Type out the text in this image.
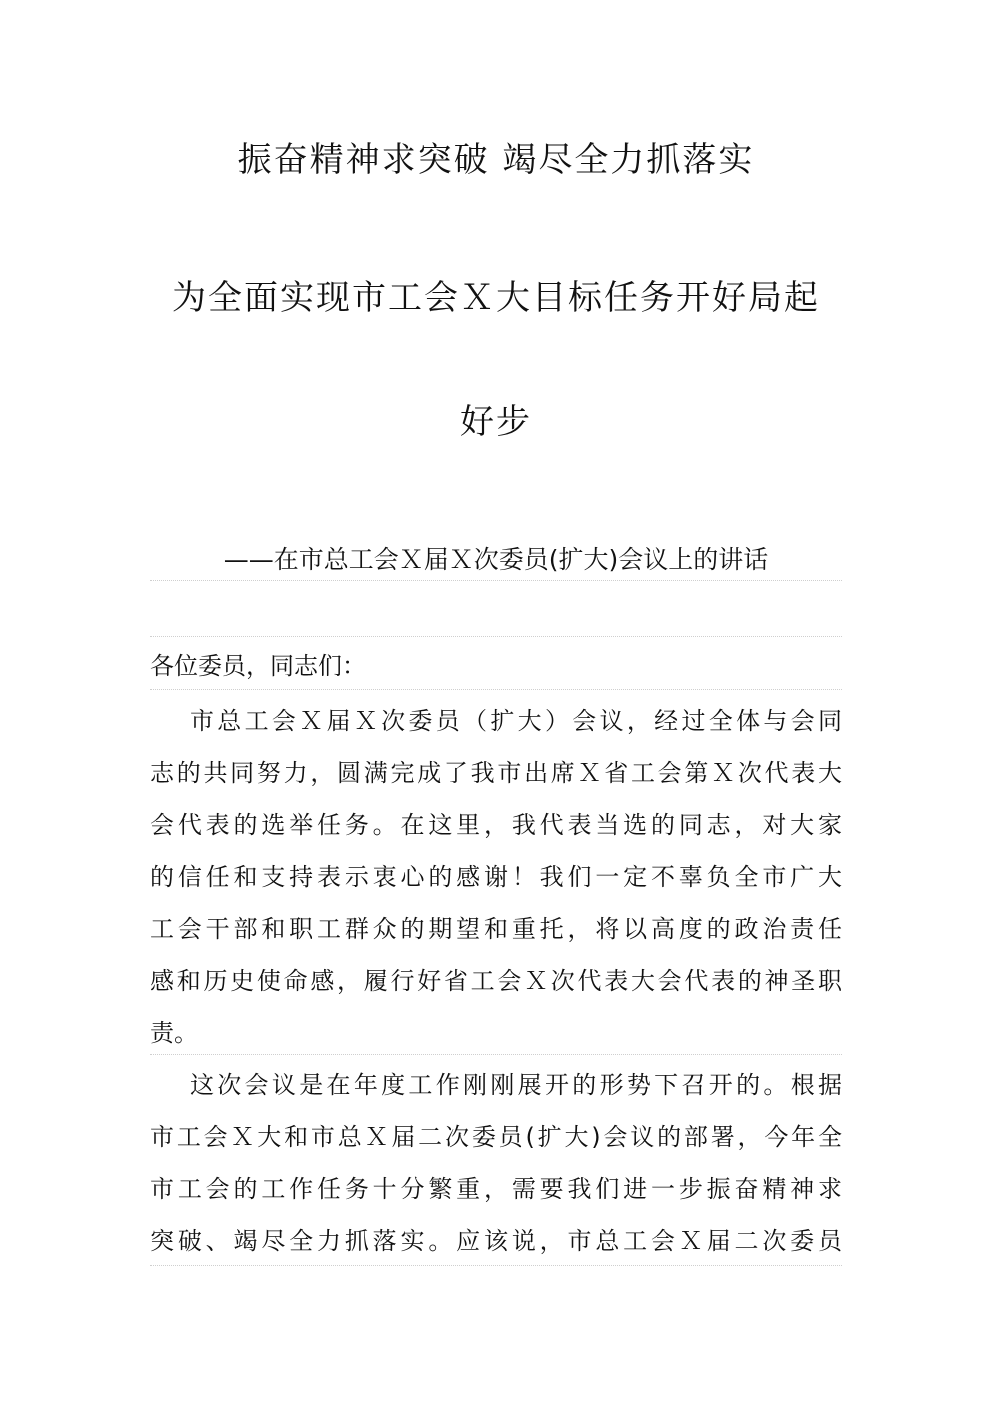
振奋精神求突破 竭尽全力抓落实
为全面实现市工会Ｘ大目标任务开好局起
好步
——在市总工会Ｘ届Ｘ次委员(扩大)会议上的讲话
各位委员，同志们：
市总工会Ｘ届Ｘ次委员（扩大）会议，经过全体与会同
志的共同努力，圆满完成了我市出席Ｘ省工会第Ｘ次代表大
会代表的选举任务。在这里，我代表当选的同志，对大家
的信任和支持表示衷心的感谢！我们一定不辜负全市广大
工会干部和职工群众的期望和重托，将以高度的政治责任
感和历史使命感，履行好省工会Ｘ次代表大会代表的神圣职
责。
这次会议是在年度工作刚刚展开的形势下召开的。根据
市工会Ｘ大和市总Ｘ届二次委员(扩大)会议的部署，今年全
市工会的工作任务十分繁重，需要我们进一步振奋精神求
突破、竭尽全力抓落实。应该说，市总工会Ｘ届二次委员
